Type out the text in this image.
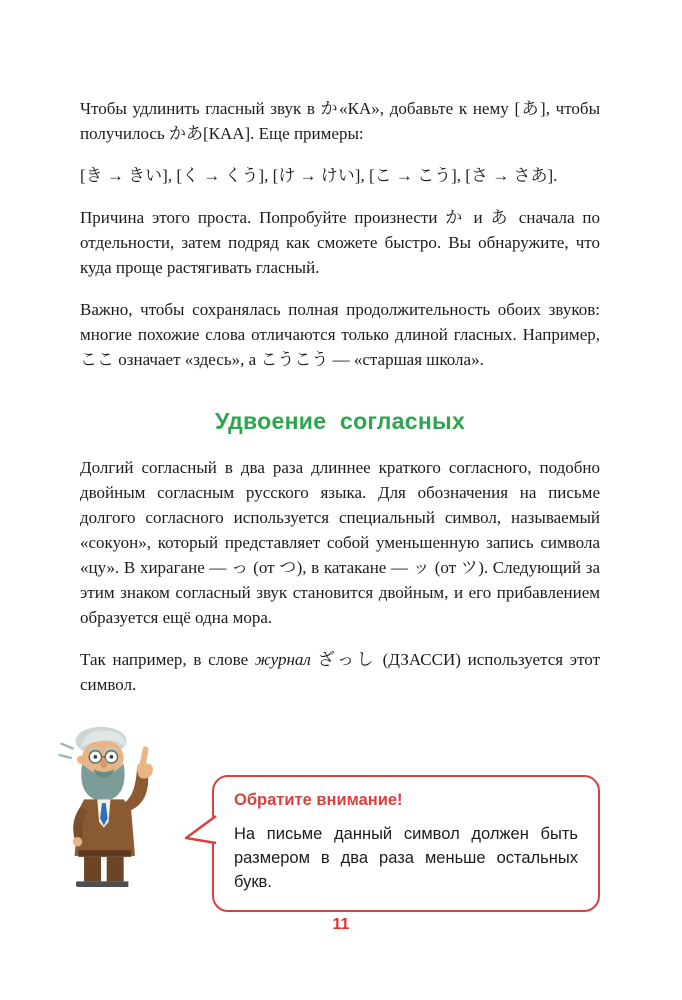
Чтобы удлинить гласный звук в か«КА», добавьте к нему [あ], чтобы получилось かあ[КАА]. Еще примеры:

[き → きい], [く → くう], [け → けい], [こ → こう], [さ → さあ].

Причина этого проста. Попробуйте произнести か и あ сначала по отдельности, затем подряд как сможете быстро. Вы обнаружите, что куда проще растягивать гласный.

Важно, чтобы сохранялась полная продолжительность обоих звуков: многие похожие слова отличаются только длиной гласных. Например, ここ означает «здесь», а こうこう — «старшая школа».

Удвоение согласных

Долгий согласный в два раза длиннее краткого согласного, подобно двойным согласным русского языка. Для обозначения на письме долгого согласного используется специальный символ, называемый «сокуон», который представляет собой уменьшенную запись символа «цу». В хирагане — っ (от つ), в катакане — ッ (от ツ). Следующий за этим знаком согласный звук становится двойным, и его прибавлением образуется ещё одна мора.

Так например, в слове журнал ざっし (ДЗАССИ) используется этот символ.

Обратите внимание!
На письме данный символ должен быть размером в два раза меньше остальных букв.
11
